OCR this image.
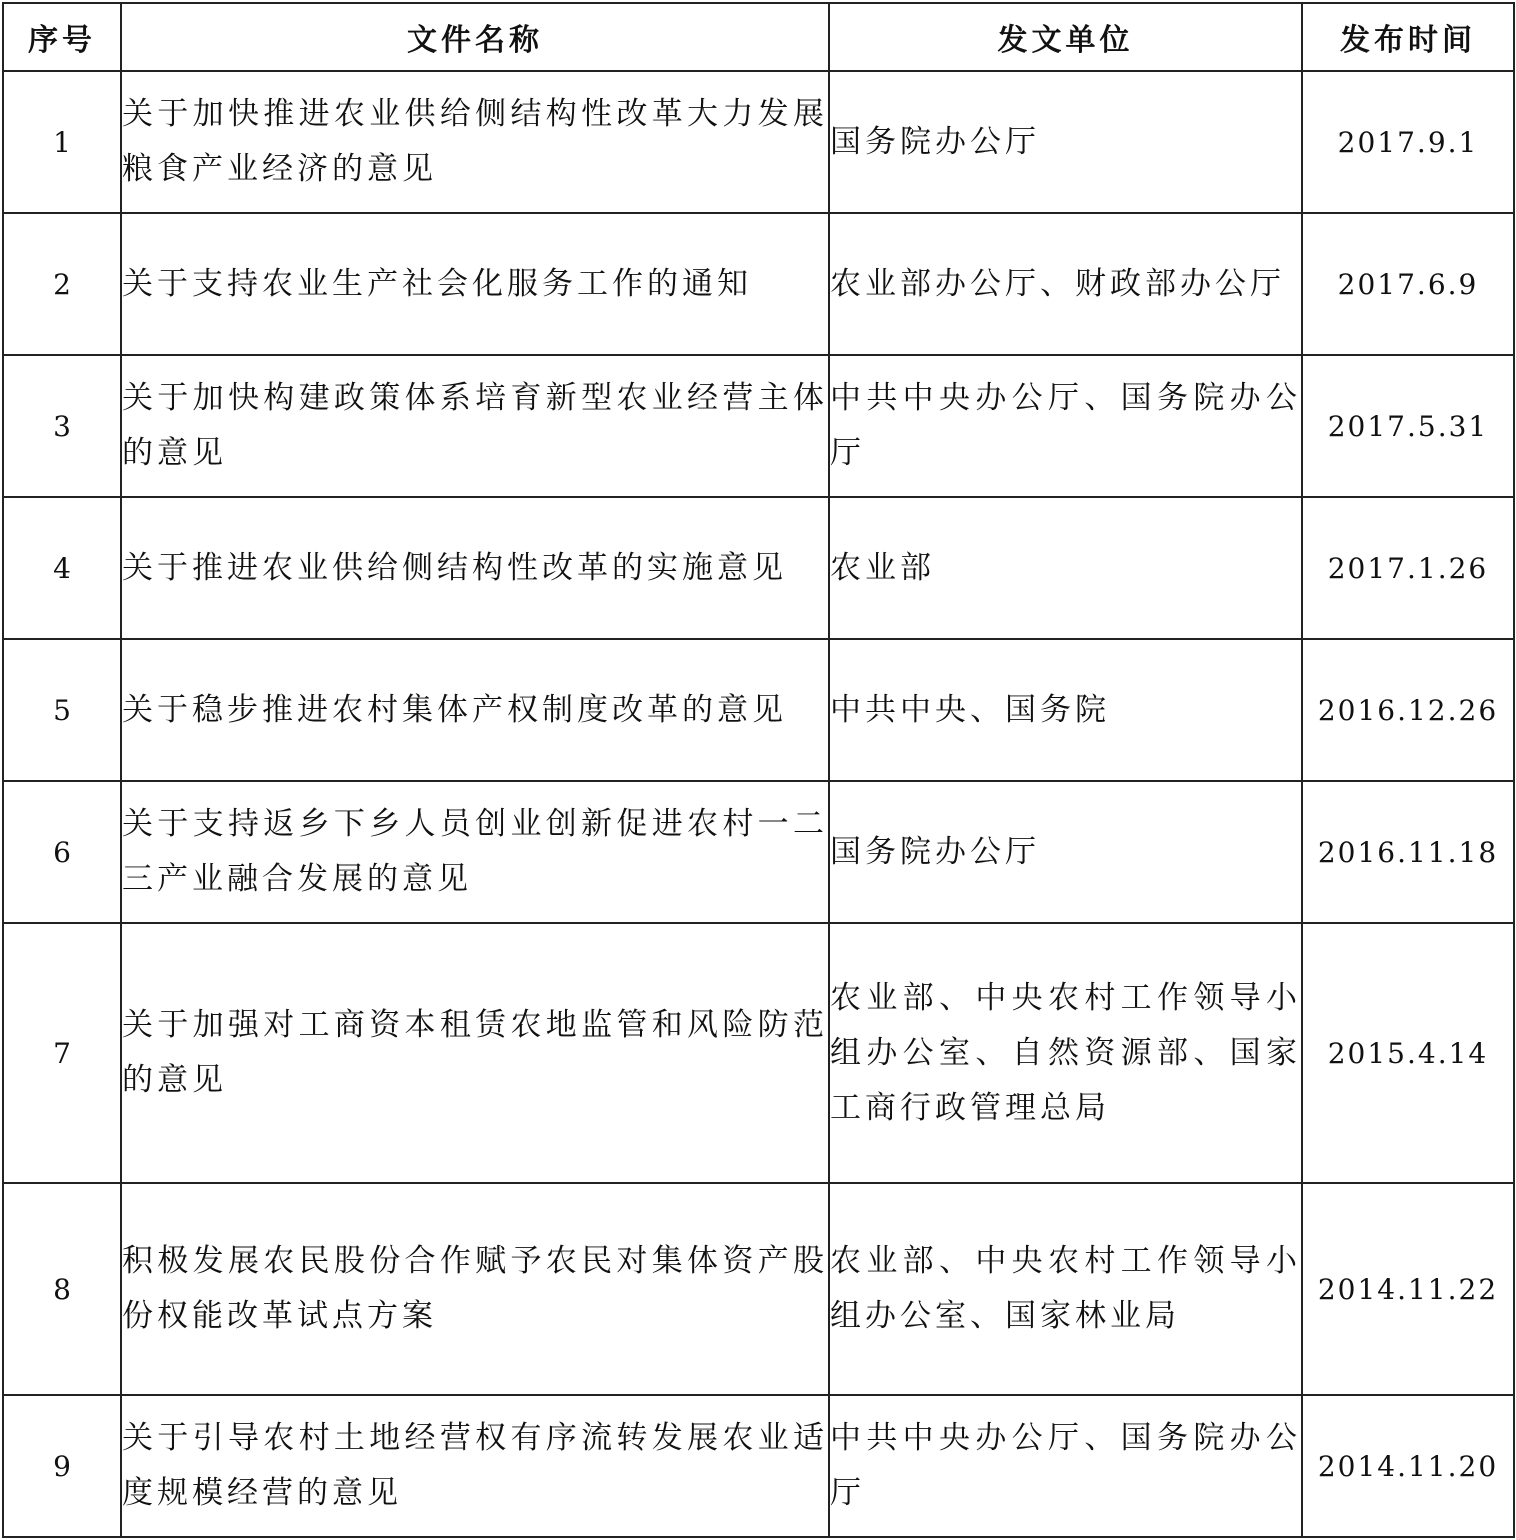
序号	文件名称	发文单位	发布时间
1	关于加快推进农业供给侧结构性改革大力发展粮食产业经济的意见	国务院办公厅	2017.9.1
2	关于支持农业生产社会化服务工作的通知	农业部办公厅、财政部办公厅	2017.6.9
3	关于加快构建政策体系培育新型农业经营主体的意见	中共中央办公厅、国务院办公厅	2017.5.31
4	关于推进农业供给侧结构性改革的实施意见	农业部	2017.1.26
5	关于稳步推进农村集体产权制度改革的意见	中共中央、国务院	2016.12.26
6	关于支持返乡下乡人员创业创新促进农村一二三产业融合发展的意见	国务院办公厅	2016.11.18
7	关于加强对工商资本租赁农地监管和风险防范的意见	农业部、中央农村工作领导小组办公室、自然资源部、国家工商行政管理总局	2015.4.14
8	积极发展农民股份合作赋予农民对集体资产股份权能改革试点方案	农业部、中央农村工作领导小组办公室、国家林业局	2014.11.22
9	关于引导农村土地经营权有序流转发展农业适度规模经营的意见	中共中央办公厅、国务院办公厅	2014.11.20
